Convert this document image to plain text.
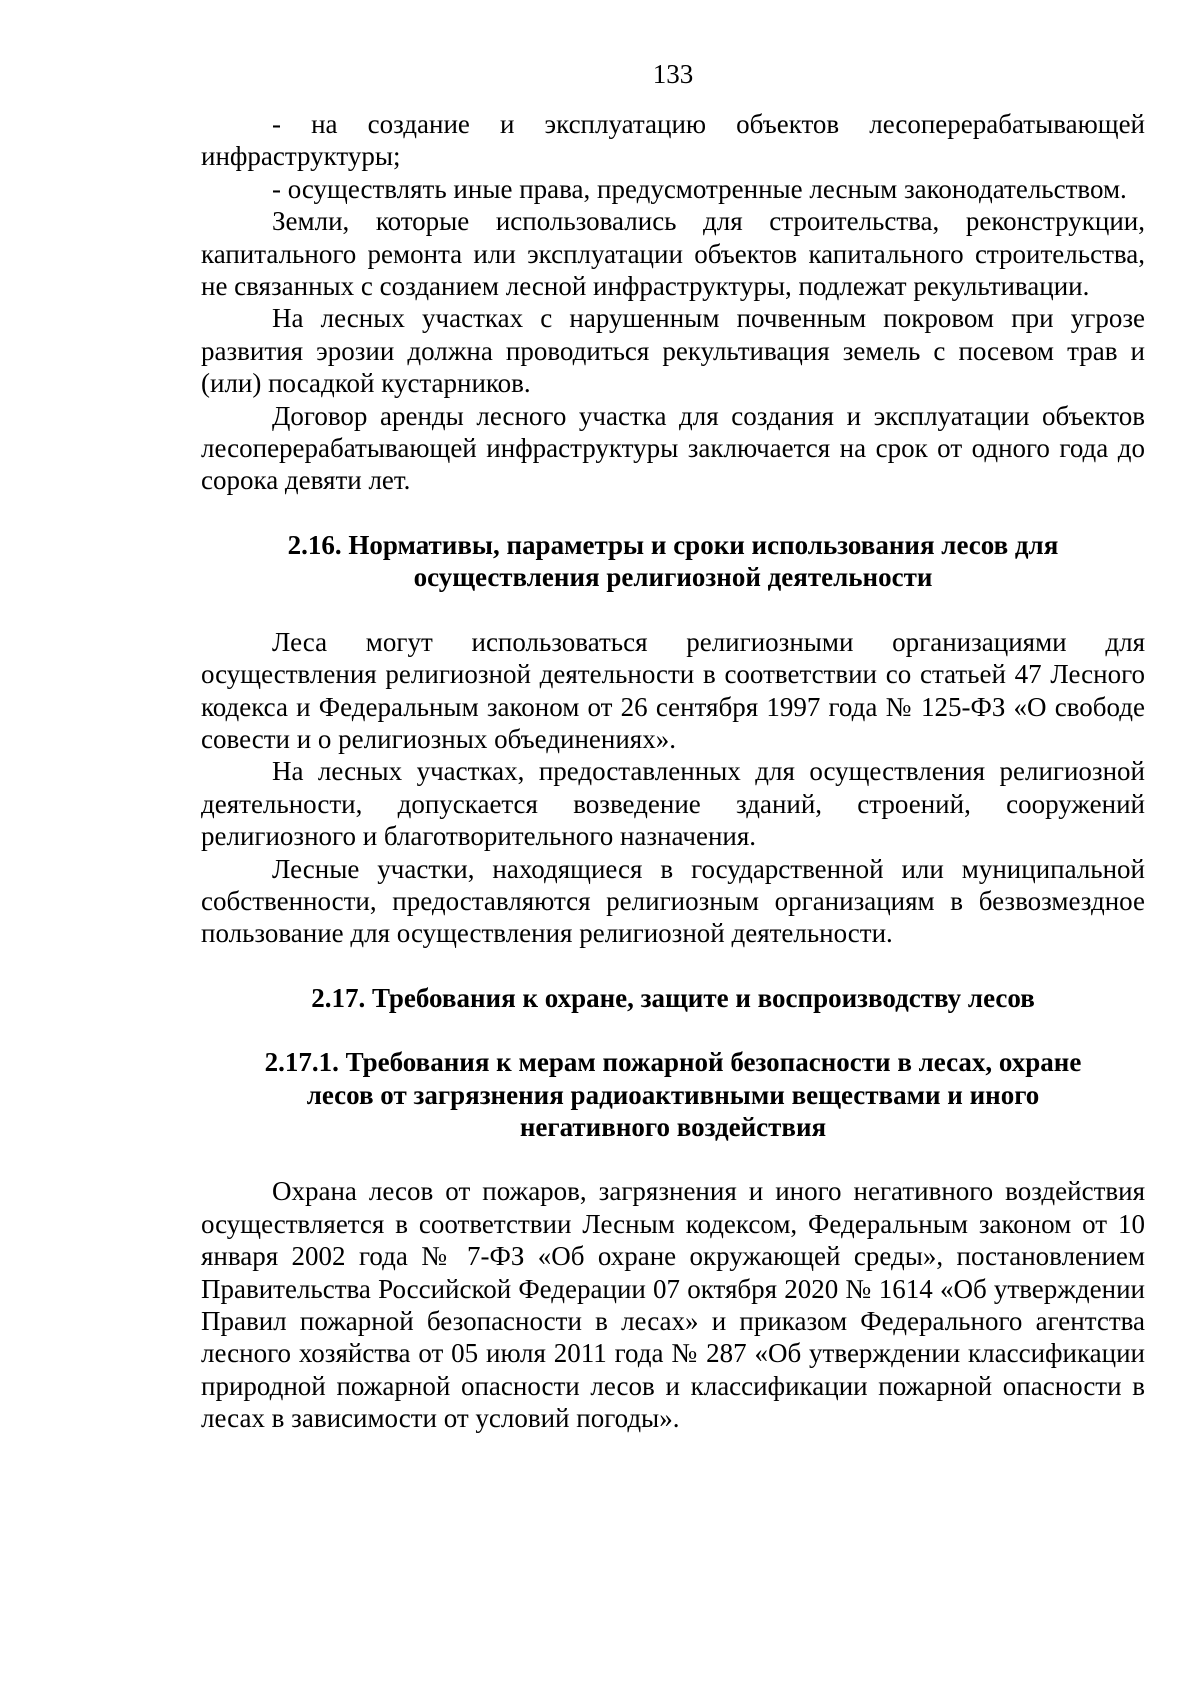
133

- на создание и эксплуатацию объектов лесоперерабатывающей инфраструктуры;

- осуществлять иные права, предусмотренные лесным законодательством.

Земли, которые использовались для строительства, реконструкции, капитального ремонта или эксплуатации объектов капитального строительства, не связанных с созданием лесной инфраструктуры, подлежат рекультивации.

На лесных участках с нарушенным почвенным покровом при угрозе развития эрозии должна проводиться рекультивация земель с посевом трав и (или) посадкой кустарников.

Договор аренды лесного участка для создания и эксплуатации объектов лесоперерабатывающей инфраструктуры заключается на срок от одного года до сорока девяти лет.

2.16. Нормативы, параметры и сроки использования лесов для осуществления религиозной деятельности

Леса могут использоваться религиозными организациями для осуществления религиозной деятельности в соответствии со статьей 47 Лесного кодекса и Федеральным законом от 26 сентября 1997 года № 125-ФЗ «О свободе совести и о религиозных объединениях».

На лесных участках, предоставленных для осуществления религиозной деятельности, допускается возведение зданий, строений, сооружений религиозного и благотворительного назначения.

Лесные участки, находящиеся в государственной или муниципальной собственности, предоставляются религиозным организациям в безвозмездное пользование для осуществления религиозной деятельности.

2.17. Требования к охране, защите и воспроизводству лесов
2.17.1. Требования к мерам пожарной безопасности в лесах, охране лесов от загрязнения радиоактивными веществами и иного негативного воздействия

Охрана лесов от пожаров, загрязнения и иного негативного воздействия осуществляется в соответствии Лесным кодексом, Федеральным законом от 10 января 2002 года № 7-ФЗ «Об охране окружающей среды», постановлением Правительства Российской Федерации 07 октября 2020 № 1614 «Об утверждении Правил пожарной безопасности в лесах» и приказом Федерального агентства лесного хозяйства от 05 июля 2011 года № 287 «Об утверждении классификации природной пожарной опасности лесов и классификации пожарной опасности в лесах в зависимости от условий погоды».
